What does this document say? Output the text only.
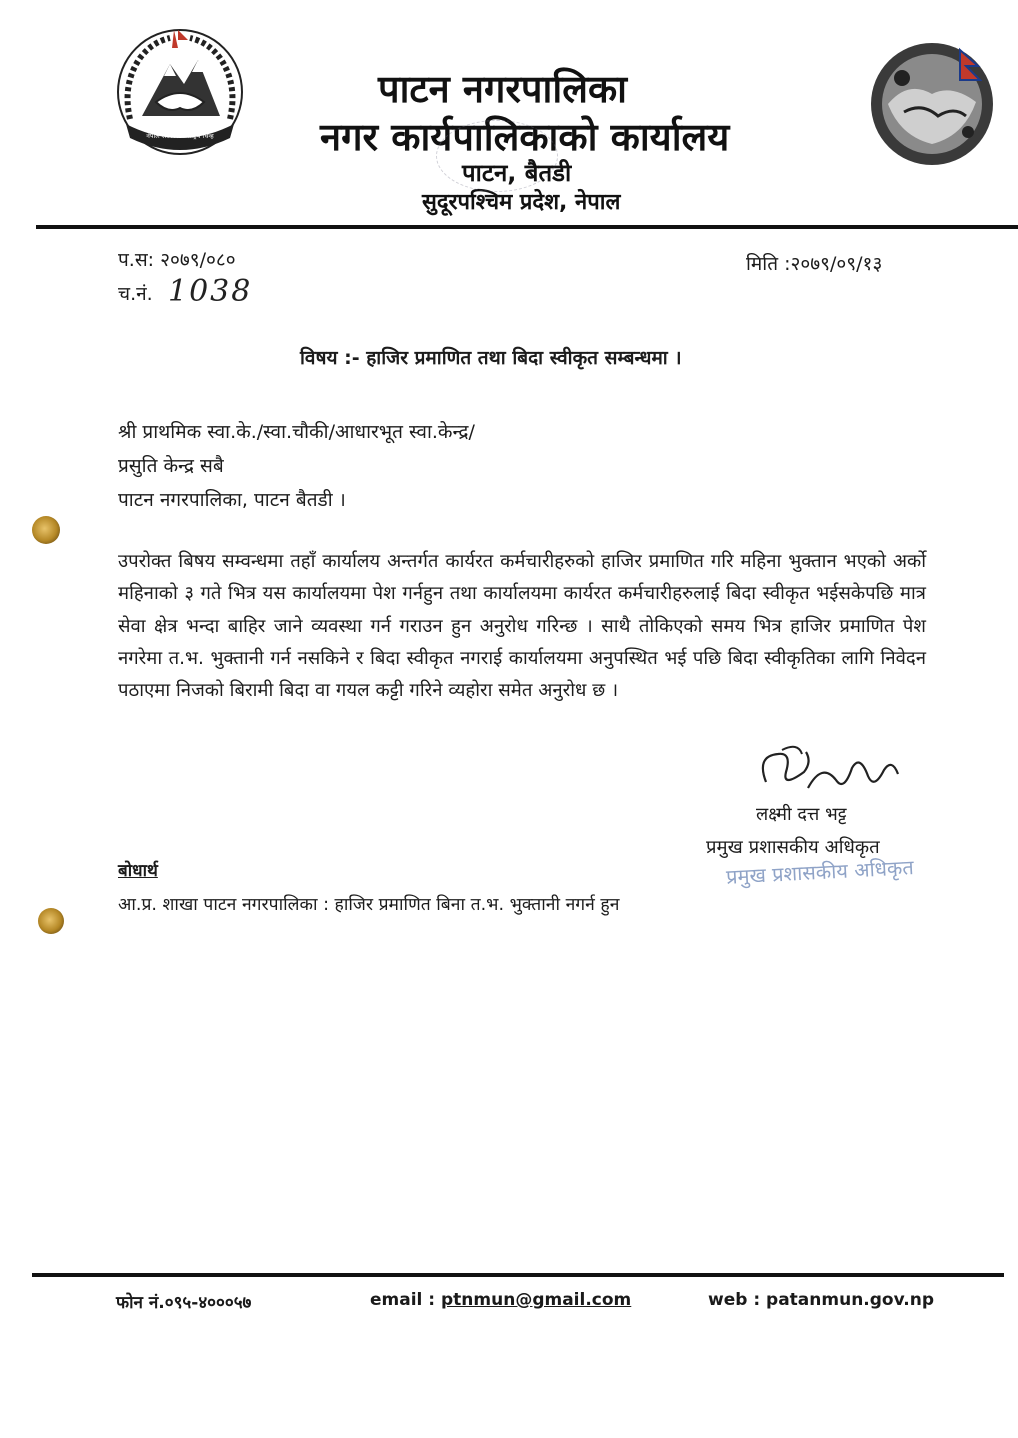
नेपाल सरकारको राष्ट्रिय चिन्ह
पाटन नगरपालिका
नगर कार्यपालिकाको कार्यालय
पाटन, बैतडी
सुदूरपश्चिम प्रदेश, नेपाल
प.स: २०७९/०८०
च.नं. 1038
मिति :२०७९/०९/१३
विषय :- हाजिर प्रमाणित तथा बिदा स्वीकृत सम्बन्धमा ।
श्री प्राथमिक स्वा.के./स्वा.चौकी/आधारभूत स्वा.केन्द्र/
प्रसुति केन्द्र सबै
पाटन नगरपालिका, पाटन बैतडी ।
उपरोक्त बिषय सम्वन्धमा तहाँ कार्यालय अन्तर्गत कार्यरत कर्मचारीहरुको हाजिर प्रमाणित गरि महिना भुक्तान भएको अर्को महिनाको ३ गते भित्र यस कार्यालयमा पेश गर्नहुन तथा कार्यालयमा कार्यरत कर्मचारीहरुलाई बिदा स्वीकृत भईसकेपछि मात्र सेवा क्षेत्र भन्दा बाहिर जाने व्यवस्था गर्न गराउन हुन अनुरोध गरिन्छ । साथै तोकिएको समय भित्र हाजिर प्रमाणित पेश नगरेमा त.भ. भुक्तानी गर्न नसकिने र बिदा स्वीकृत नगराई कार्यालयमा अनुपस्थित भई पछि बिदा स्वीकृतिका लागि निवेदन पठाएमा निजको बिरामी बिदा वा गयल कट्टी गरिने व्यहोरा समेत अनुरोध छ ।
लक्ष्मी दत्त भट्ट
प्रमुख प्रशासकीय अधिकृत
प्रमुख प्रशासकीय अधिकृत
बोधार्थ
आ.प्र. शाखा पाटन नगरपालिका : हाजिर प्रमाणित बिना त.भ. भुक्तानी नगर्न हुन
फोन नं.०९५-४०००५७	email : ptnmun@gmail.com	web : patanmun.gov.np
